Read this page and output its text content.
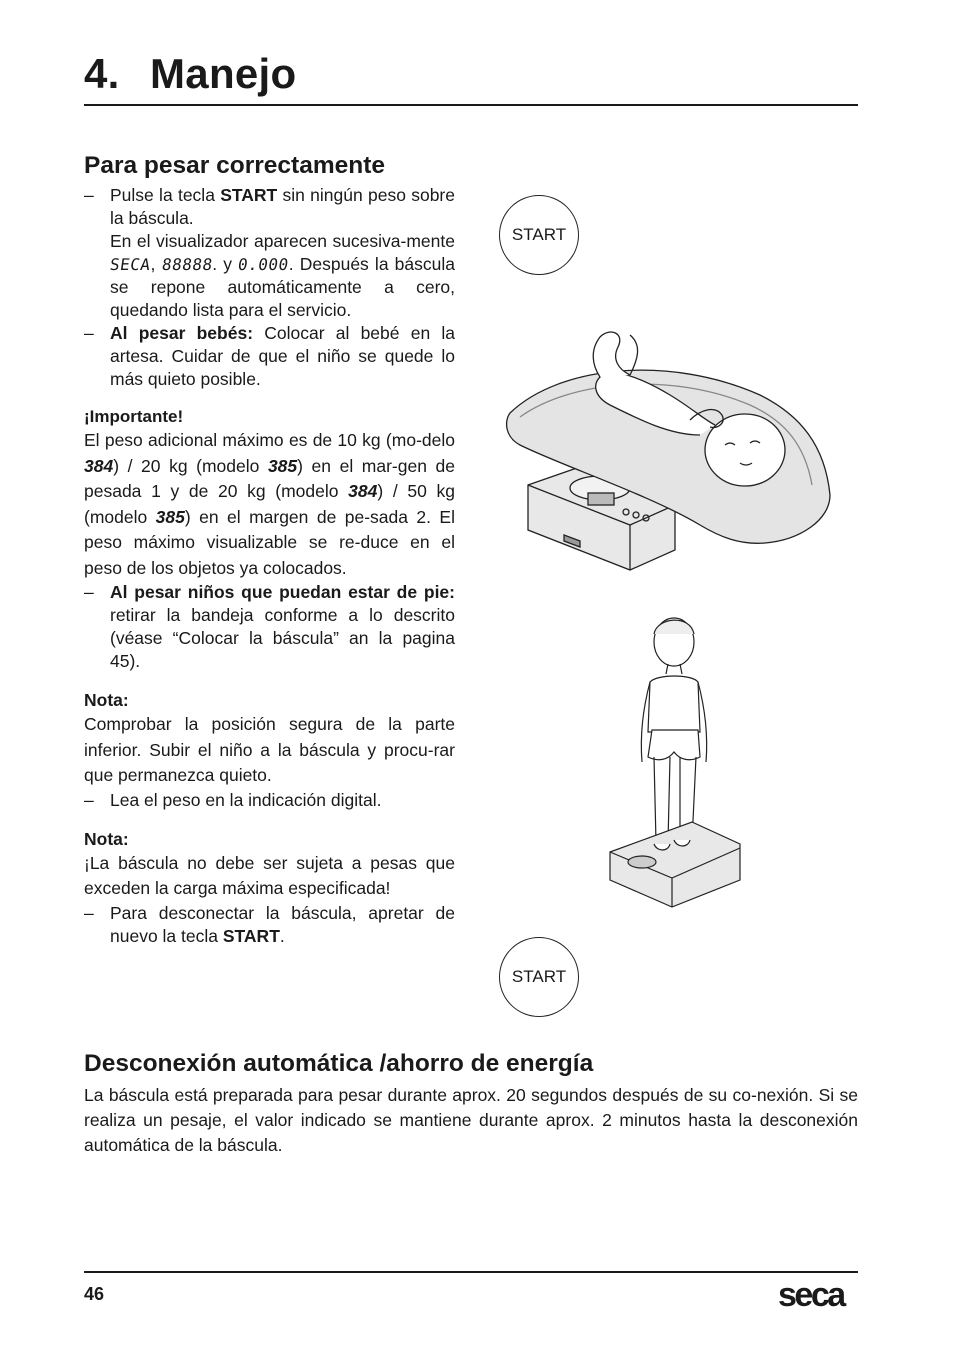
4. Manejo
Para pesar correctamente
– Pulse la tecla START sin ningún peso sobre la báscula.
En el visualizador aparecen sucesiva-mente SECA, 88888. y 0.000. Después la báscula se repone automáticamente a cero, quedando lista para el servicio.
– Al pesar bebés: Colocar al bebé en la artesa. Cuidar de que el niño se quede lo más quieto posible.
¡Importante!
El peso adicional máximo es de 10 kg (mo-delo 384) / 20 kg (modelo 385) en el mar-gen de pesada 1 y de 20 kg (modelo 384) / 50 kg (modelo 385) en el margen de pe-sada 2. El peso máximo visualizable se re-duce en el peso de los objetos ya colocados.
– Al pesar niños que puedan estar de pie: retirar la bandeja conforme a lo descrito (véase “Colocar la báscula” an la pagina 45).
Nota:
Comprobar la posición segura de la parte inferior. Subir el niño a la báscula y procu-rar que permanezca quieto.
– Lea el peso en la indicación digital.
Nota:
¡La báscula no debe ser sujeta a pesas que exceden la carga máxima especificada!
– Para desconectar la báscula, apretar de nuevo la tecla START.
START
START
Desconexión automática /ahorro de energía
La báscula está preparada para pesar durante aprox. 20 segundos después de su co-nexión. Si se realiza un pesaje, el valor indicado se mantiene durante aprox. 2 minutos hasta la desconexión automática de la báscula.
46	seca
